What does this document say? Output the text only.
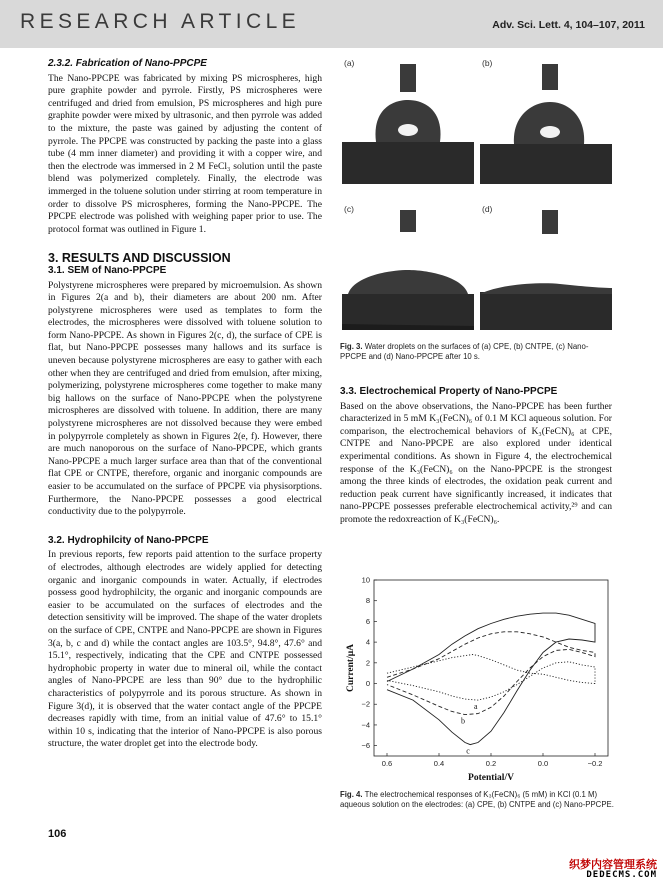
RESEARCH ARTICLE	Adv. Sci. Lett. 4, 104–107, 2011
2.3.2. Fabrication of Nano-PPCPE

The Nano-PPCPE was fabricated by mixing PS microspheres, high pure graphite powder and pyrrole. Firstly, PS microspheres were centrifuged and dried from emulsion, PS microspheres and high pure graphite powder were mixed by ultrasonic, and then pyrrole was added to the mixture, the paste was gained by adjusting the content of pyrrole. The PPCPE was constructed by packing the paste into a glass tube (4 mm inner diameter) and providing it with a copper wire, and then the electrode was immersed in 2 M FeCl₃ solution until the paste blend was polymerized completely. Finally, the electrode was immerged in the toluene solution under stirring at room temperature in order to dissolve PS microspheres, forming the Nano-PPCPE. The PPCPE electrode was polished with weighing paper prior to use. The protocol format was outlined in Figure 1.

3. RESULTS AND DISCUSSION
3.1. SEM of Nano-PPCPE

Polystyrene microspheres were prepared by microemulsion. As shown in Figures 2(a and b), their diameters are about 200 nm. After polystyrene microspheres were used as templates to form the electrodes, the microspheres were dissolved with toluene solution to form Nano-PPCPE. As shown in Figures 2(c, d), the surface of CPE is flat, but Nano-PPCPE possesses many hallows and its surface is uneven because polystyrene microspheres are easy to gather with each other when they are centrifuged and dried from emulsion, after mixing, polymerizing, polystyrene microspheres come together to make many big hallows on the surface of Nano-PPCPE when the polystyrene microspheres are dissolved with toluene. In addition, there are many polystyrene microspheres are not dissolved because they were embed in polypyrrole completely as shown in Figures 2(e, f). However, there are much nanoporous on the surface of Nano-PPCPE, which grants Nano-PPCPE a much larger surface area than that of the conventional flat CPE or CNTPE, therefore, organic and inorganic compounds are easier to be accumulated on the surface of PPCPE via physisorptions. Furthermore, the Nano-PPCPE possesses a good electrical conductivity due to the polypyrrole.

3.2. Hydrophilcity of Nano-PPCPE

In previous reports, few reports paid attention to the surface property of electrodes, although electrodes are widely applied for detecting organic and inorganic compounds in water. Actually, if electrodes possess good hydrophilcity, the organic and inorganic compounds are easier to be accumulated on the surfaces of electrodes and the detection sensitivity will be improved. The shape of the water droplets on the surface of CPE, CNTPE and Nano-PPCPE are shown in Figures 3(a, b, c and d) while the contact angles are 103.5°, 94.8°, 47.6° and 15.1°, respectively, indicating that the CPE and CNTPE possessed hydrophobic property in water due to mineral oil, while the contact angles of Nano-PPCPE are less than 90° due to the hydrophilic characteristics of polypyrrole and its porous structure. As shown in Figure 3(d), it is observed that the water contact angle of the PPCPE decreases rapidly with time, from an initial value of 47.6° to 15.1° within 10 s, indicating that the interior of Nano-PPCPE is also porous structure, the water droplet get into the electrode body.

(a)	(b)
(c)	(d)
Fig. 3. Water droplets on the surfaces of (a) CPE, (b) CNTPE, (c) Nano-PPCPE and (d) Nano-PPCPE after 10 s.
3.3. Electrochemical Property of Nano-PPCPE

Based on the above observations, the Nano-PPCPE has been further characterized in 5 mM K₃(FeCN)₆ of 0.1 M KCl aqueous solution. For comparison, the electrochemical behaviors of K₃(FeCN)₆ at CPE, CNTPE and Nano-PPCPE are also explored under identical experimental conditions. As shown in Figure 4, the electrochemical response of the K₃(FeCN)₆ on the Nano-PPCPE is the strongest among the three kinds of electrodes, the oxidation peak current and reduction peak current have significantly increased, it indicates that nano-PPCPE possesses preferable electrochemical activity,²⁹ and can promote the redoxreaction of K₃(FeCN)₆.

0.6	0.4	0.2	0.0	−0.2
−6
−4
−2
0
2
4
6
8
10
Potential/V
Current/μA
a
b
c
Fig. 4. The electrochemical responses of K₃(FeCN)₆ (5 mM) in KCl (0.1 M) aqueous solution on the electrodes: (a) CPE, (b) CNTPE and (c) Nano-PPCPE.
106
织梦内容管理系统
DEDECMS.COM
